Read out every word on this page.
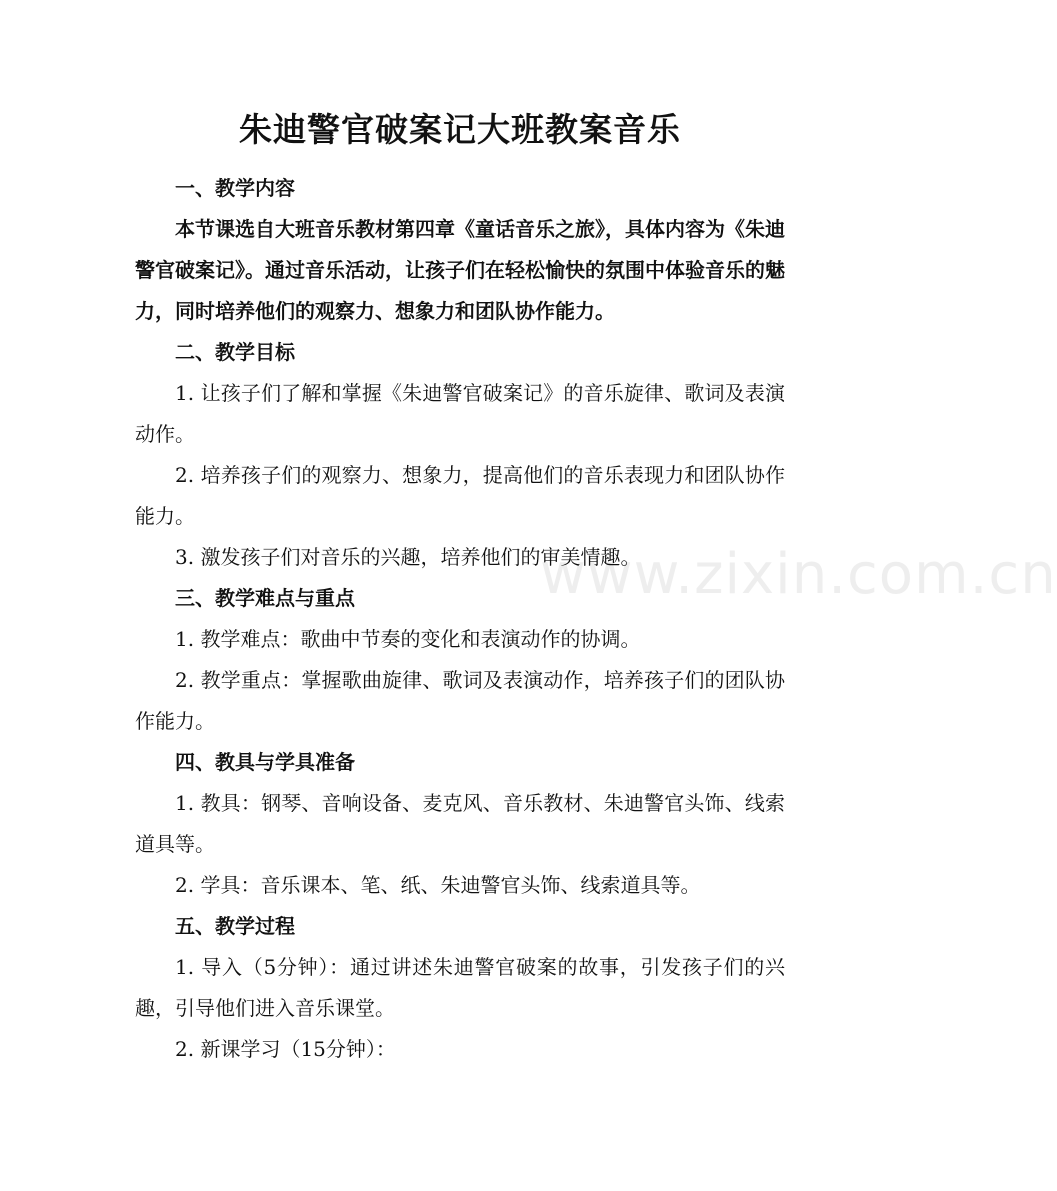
www.zixin.com.cn
朱迪警官破案记大班教案音乐

一、教学内容

本节课选自大班音乐教材第四章《童话音乐之旅》，具体内容为《朱迪警官破案记》。通过音乐活动，让孩子们在轻松愉快的氛围中体验音乐的魅力，同时培养他们的观察力、想象力和团队协作能力。

二、教学目标

1. 让孩子们了解和掌握《朱迪警官破案记》的音乐旋律、歌词及表演动作。

2. 培养孩子们的观察力、想象力，提高他们的音乐表现力和团队协作能力。

3. 激发孩子们对音乐的兴趣，培养他们的审美情趣。

三、教学难点与重点

1. 教学难点：歌曲中节奏的变化和表演动作的协调。

2. 教学重点：掌握歌曲旋律、歌词及表演动作，培养孩子们的团队协作能力。

四、教具与学具准备

1. 教具：钢琴、音响设备、麦克风、音乐教材、朱迪警官头饰、线索道具等。

2. 学具：音乐课本、笔、纸、朱迪警官头饰、线索道具等。

五、教学过程

1. 导入（5分钟）：通过讲述朱迪警官破案的故事，引发孩子们的兴趣，引导他们进入音乐课堂。

2. 新课学习（15分钟）：
